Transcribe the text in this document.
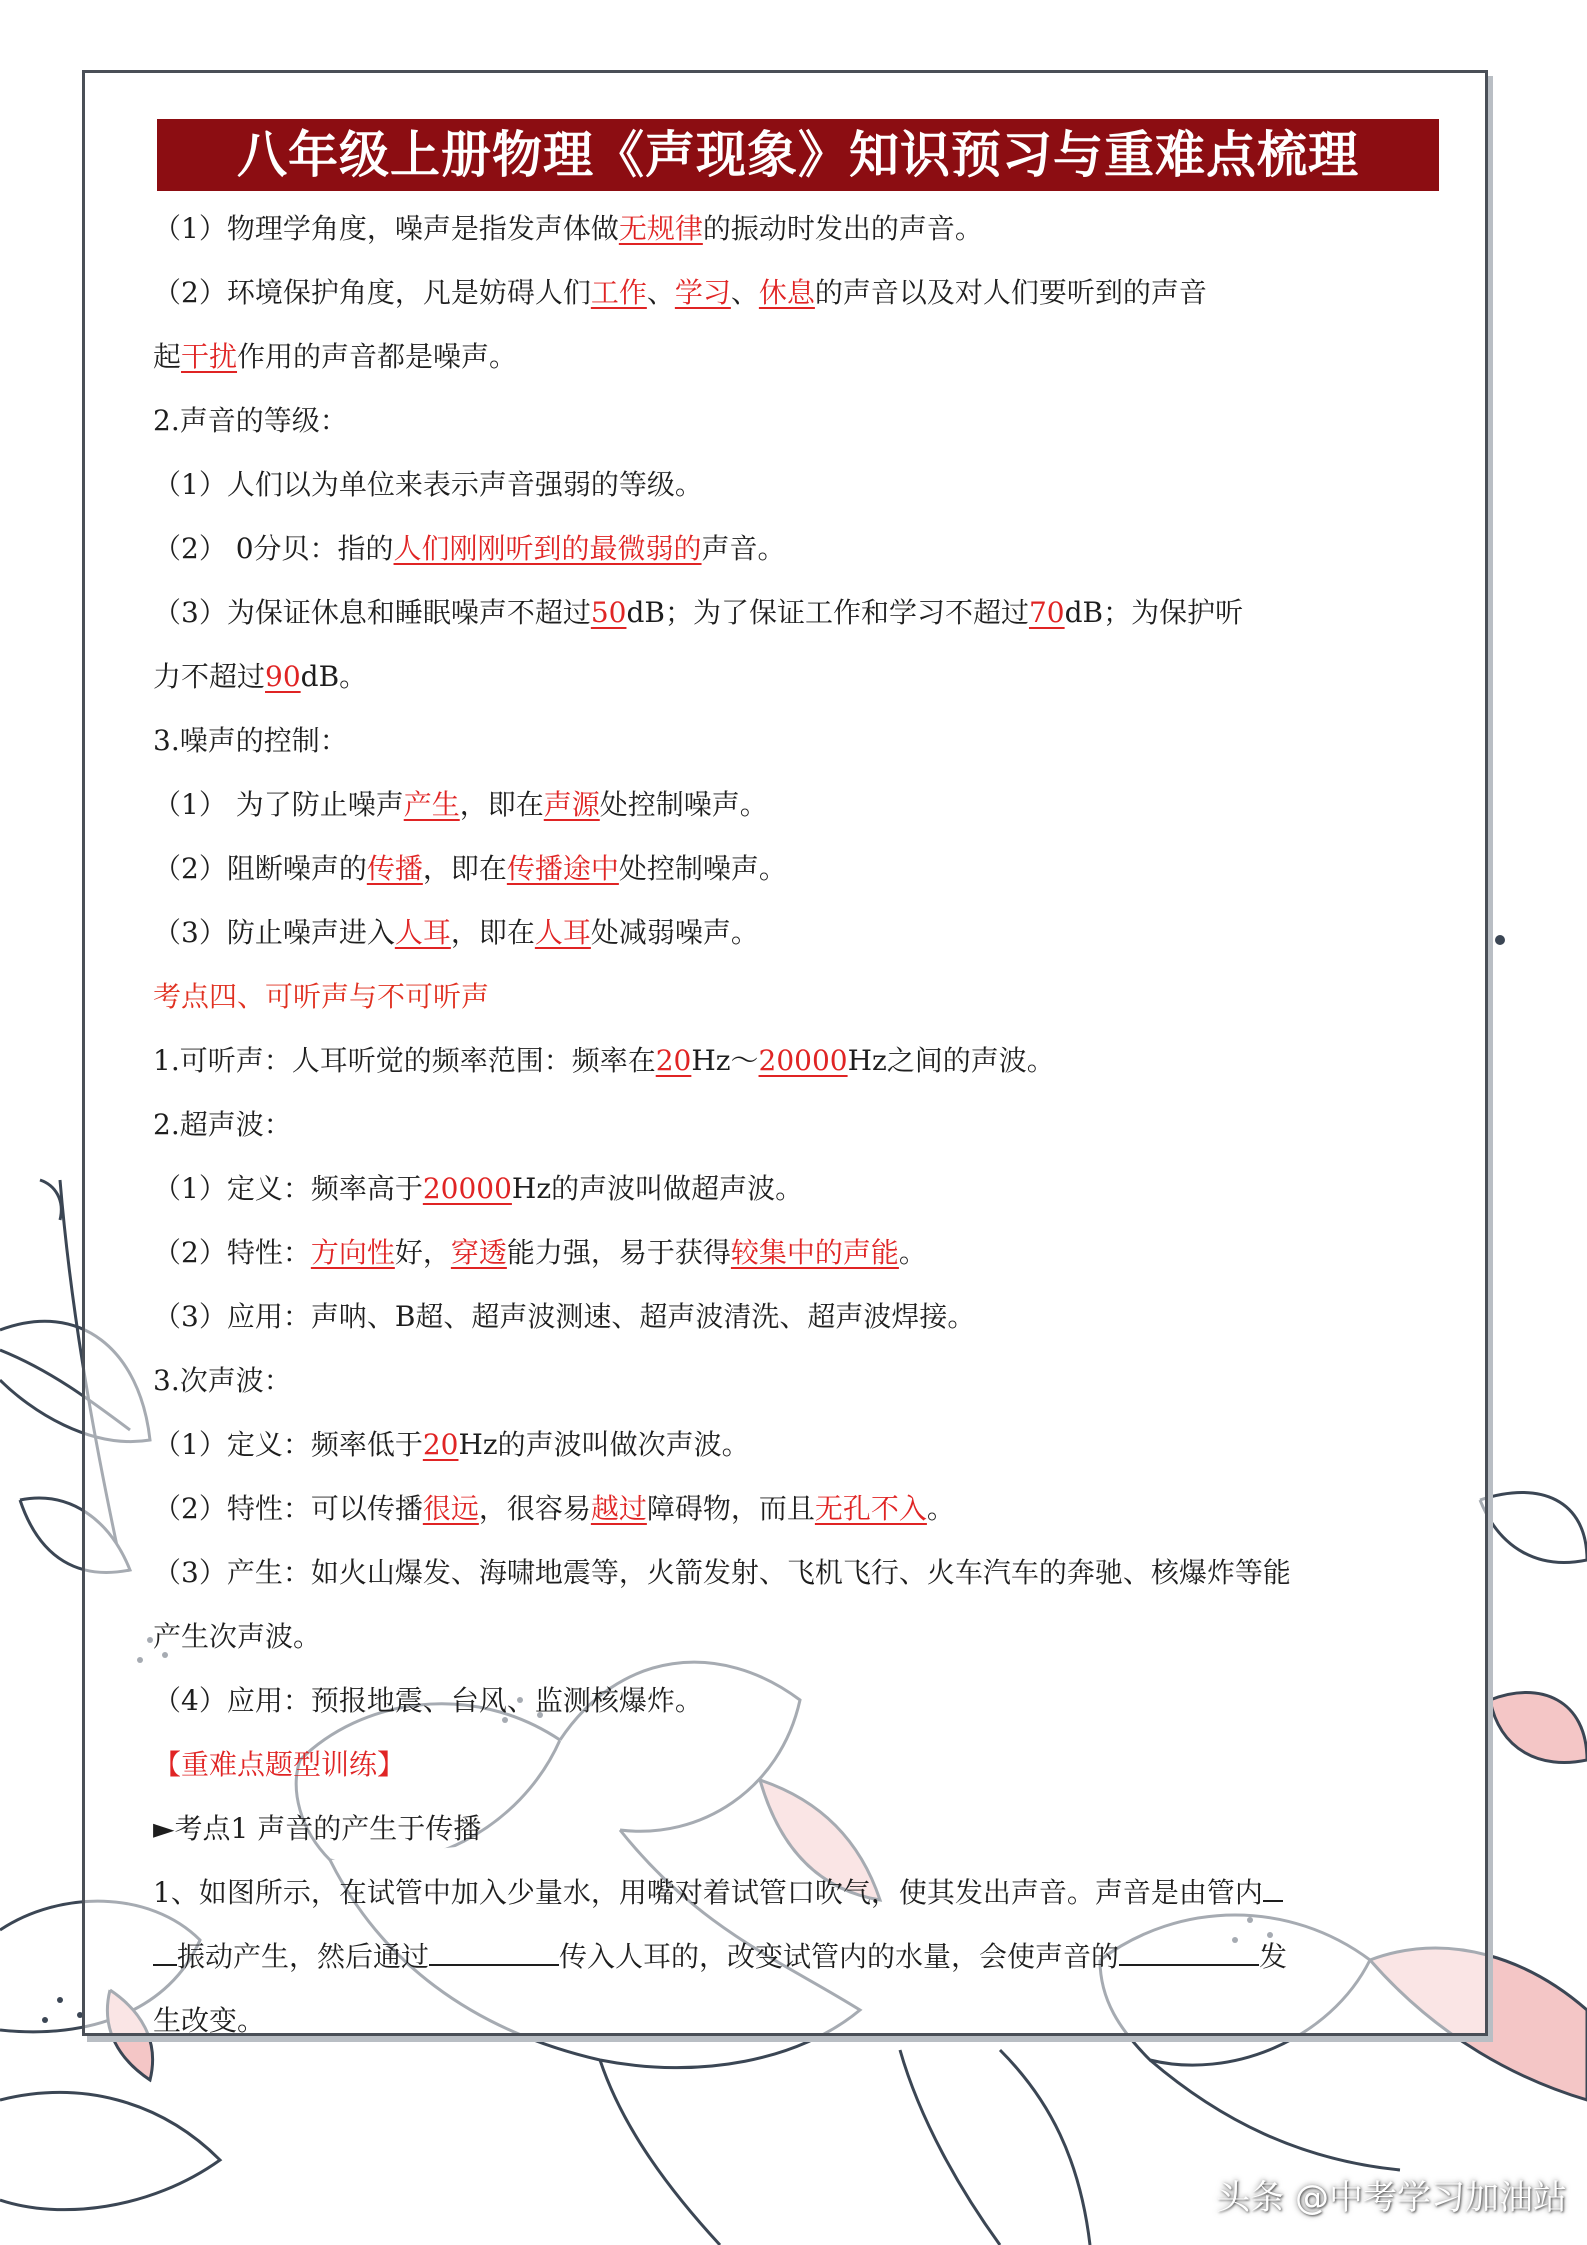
八年级上册物理《声现象》知识预习与重难点梳理
（1）物理学角度，噪声是指发声体做无规律的振动时发出的声音。
（2）环境保护角度，凡是妨碍人们工作、学习、休息的声音以及对人们要听到的声音
起干扰作用的声音都是噪声。
2.声音的等级：
（1）人们以为单位来表示声音强弱的等级。
（2） 0分贝：指的人们刚刚听到的最微弱的声音。
（3）为保证休息和睡眠噪声不超过50dB；为了保证工作和学习不超过70dB；为保护听
力不超过90dB。
3.噪声的控制：
（1） 为了防止噪声产生，即在声源处控制噪声。
（2）阻断噪声的传播，即在传播途中处控制噪声。
（3）防止噪声进入人耳，即在人耳处减弱噪声。
考点四、可听声与不可听声
1.可听声：人耳听觉的频率范围：频率在20Hz～20000Hz之间的声波。
2.超声波：
（1）定义：频率高于20000Hz的声波叫做超声波。
（2）特性：方向性好，穿透能力强，易于获得较集中的声能。
（3）应用：声呐、B超、超声波测速、超声波清洗、超声波焊接。
3.次声波：
（1）定义：频率低于20Hz的声波叫做次声波。
（2）特性：可以传播很远，很容易越过障碍物，而且无孔不入。
（3）产生：如火山爆发、海啸地震等，火箭发射、飞机飞行、火车汽车的奔驰、核爆炸等能
产生次声波。
（4）应用：预报地震、台风、监测核爆炸。
【重难点题型训练】
►考点1 声音的产生于传播
1、如图所示，在试管中加入少量水，用嘴对着试管口吹气，使其发出声音。声音是由管内
振动产生，然后通过	传入人耳的，改变试管内的水量，会使声音的	发
生改变。
头条 @中考学习加油站
